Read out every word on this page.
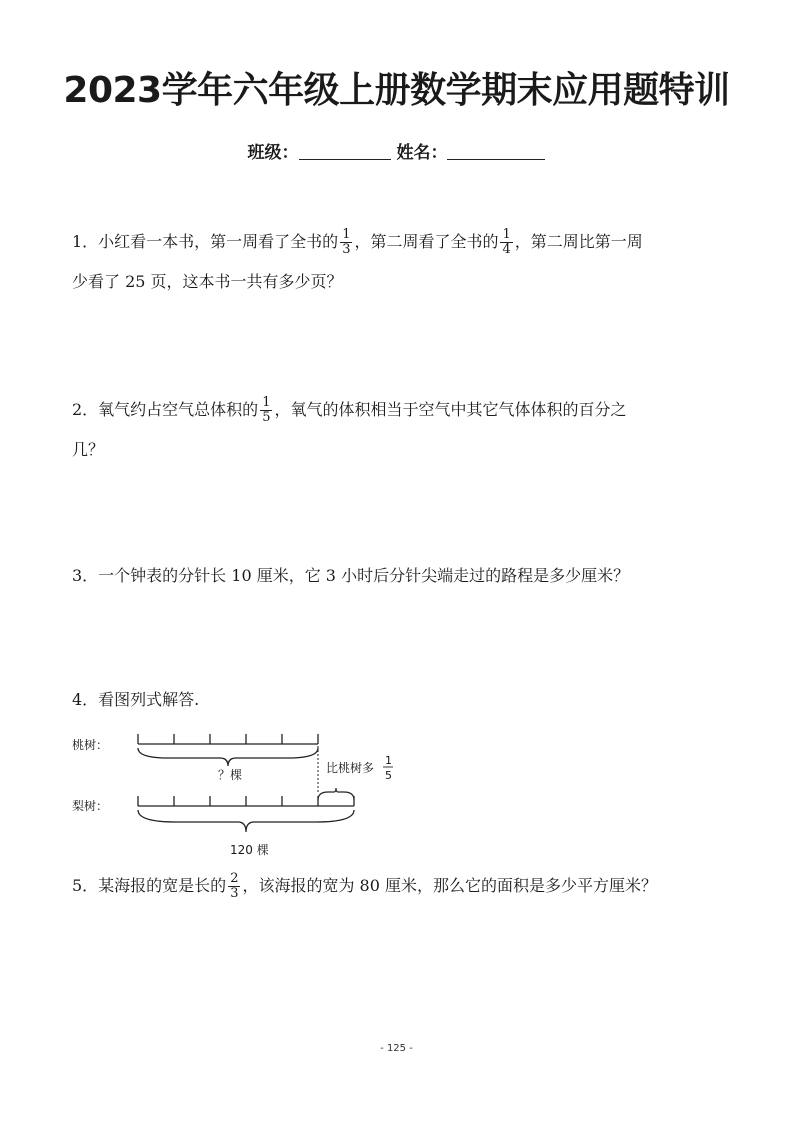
2023学年六年级上册数学期末应用题特训
班级：	姓名：
1．小红看一本书，第一周看了全书的 $\frac{1}{3}$ ，第二周看了全书的 $\frac{1}{4}$ ，第二周比第一周
少看了 25 页，这本书一共有多少页？
2．氧气约占空气总体积的 $\frac{1}{5}$ ，氧气的体积相当于空气中其它气体体积的百分之
几？
3．一个钟表的分针长 10 厘米，它 3 小时后分针尖端走过的路程是多少厘米？
4．看图列式解答.
桃树：
？棵	比桃树多
1
5
梨树：
120 棵
5．某海报的宽是长的 $\frac{2}{3}$ ，该海报的宽为 80 厘米，那么它的面积是多少平方厘米？
- 125 -
